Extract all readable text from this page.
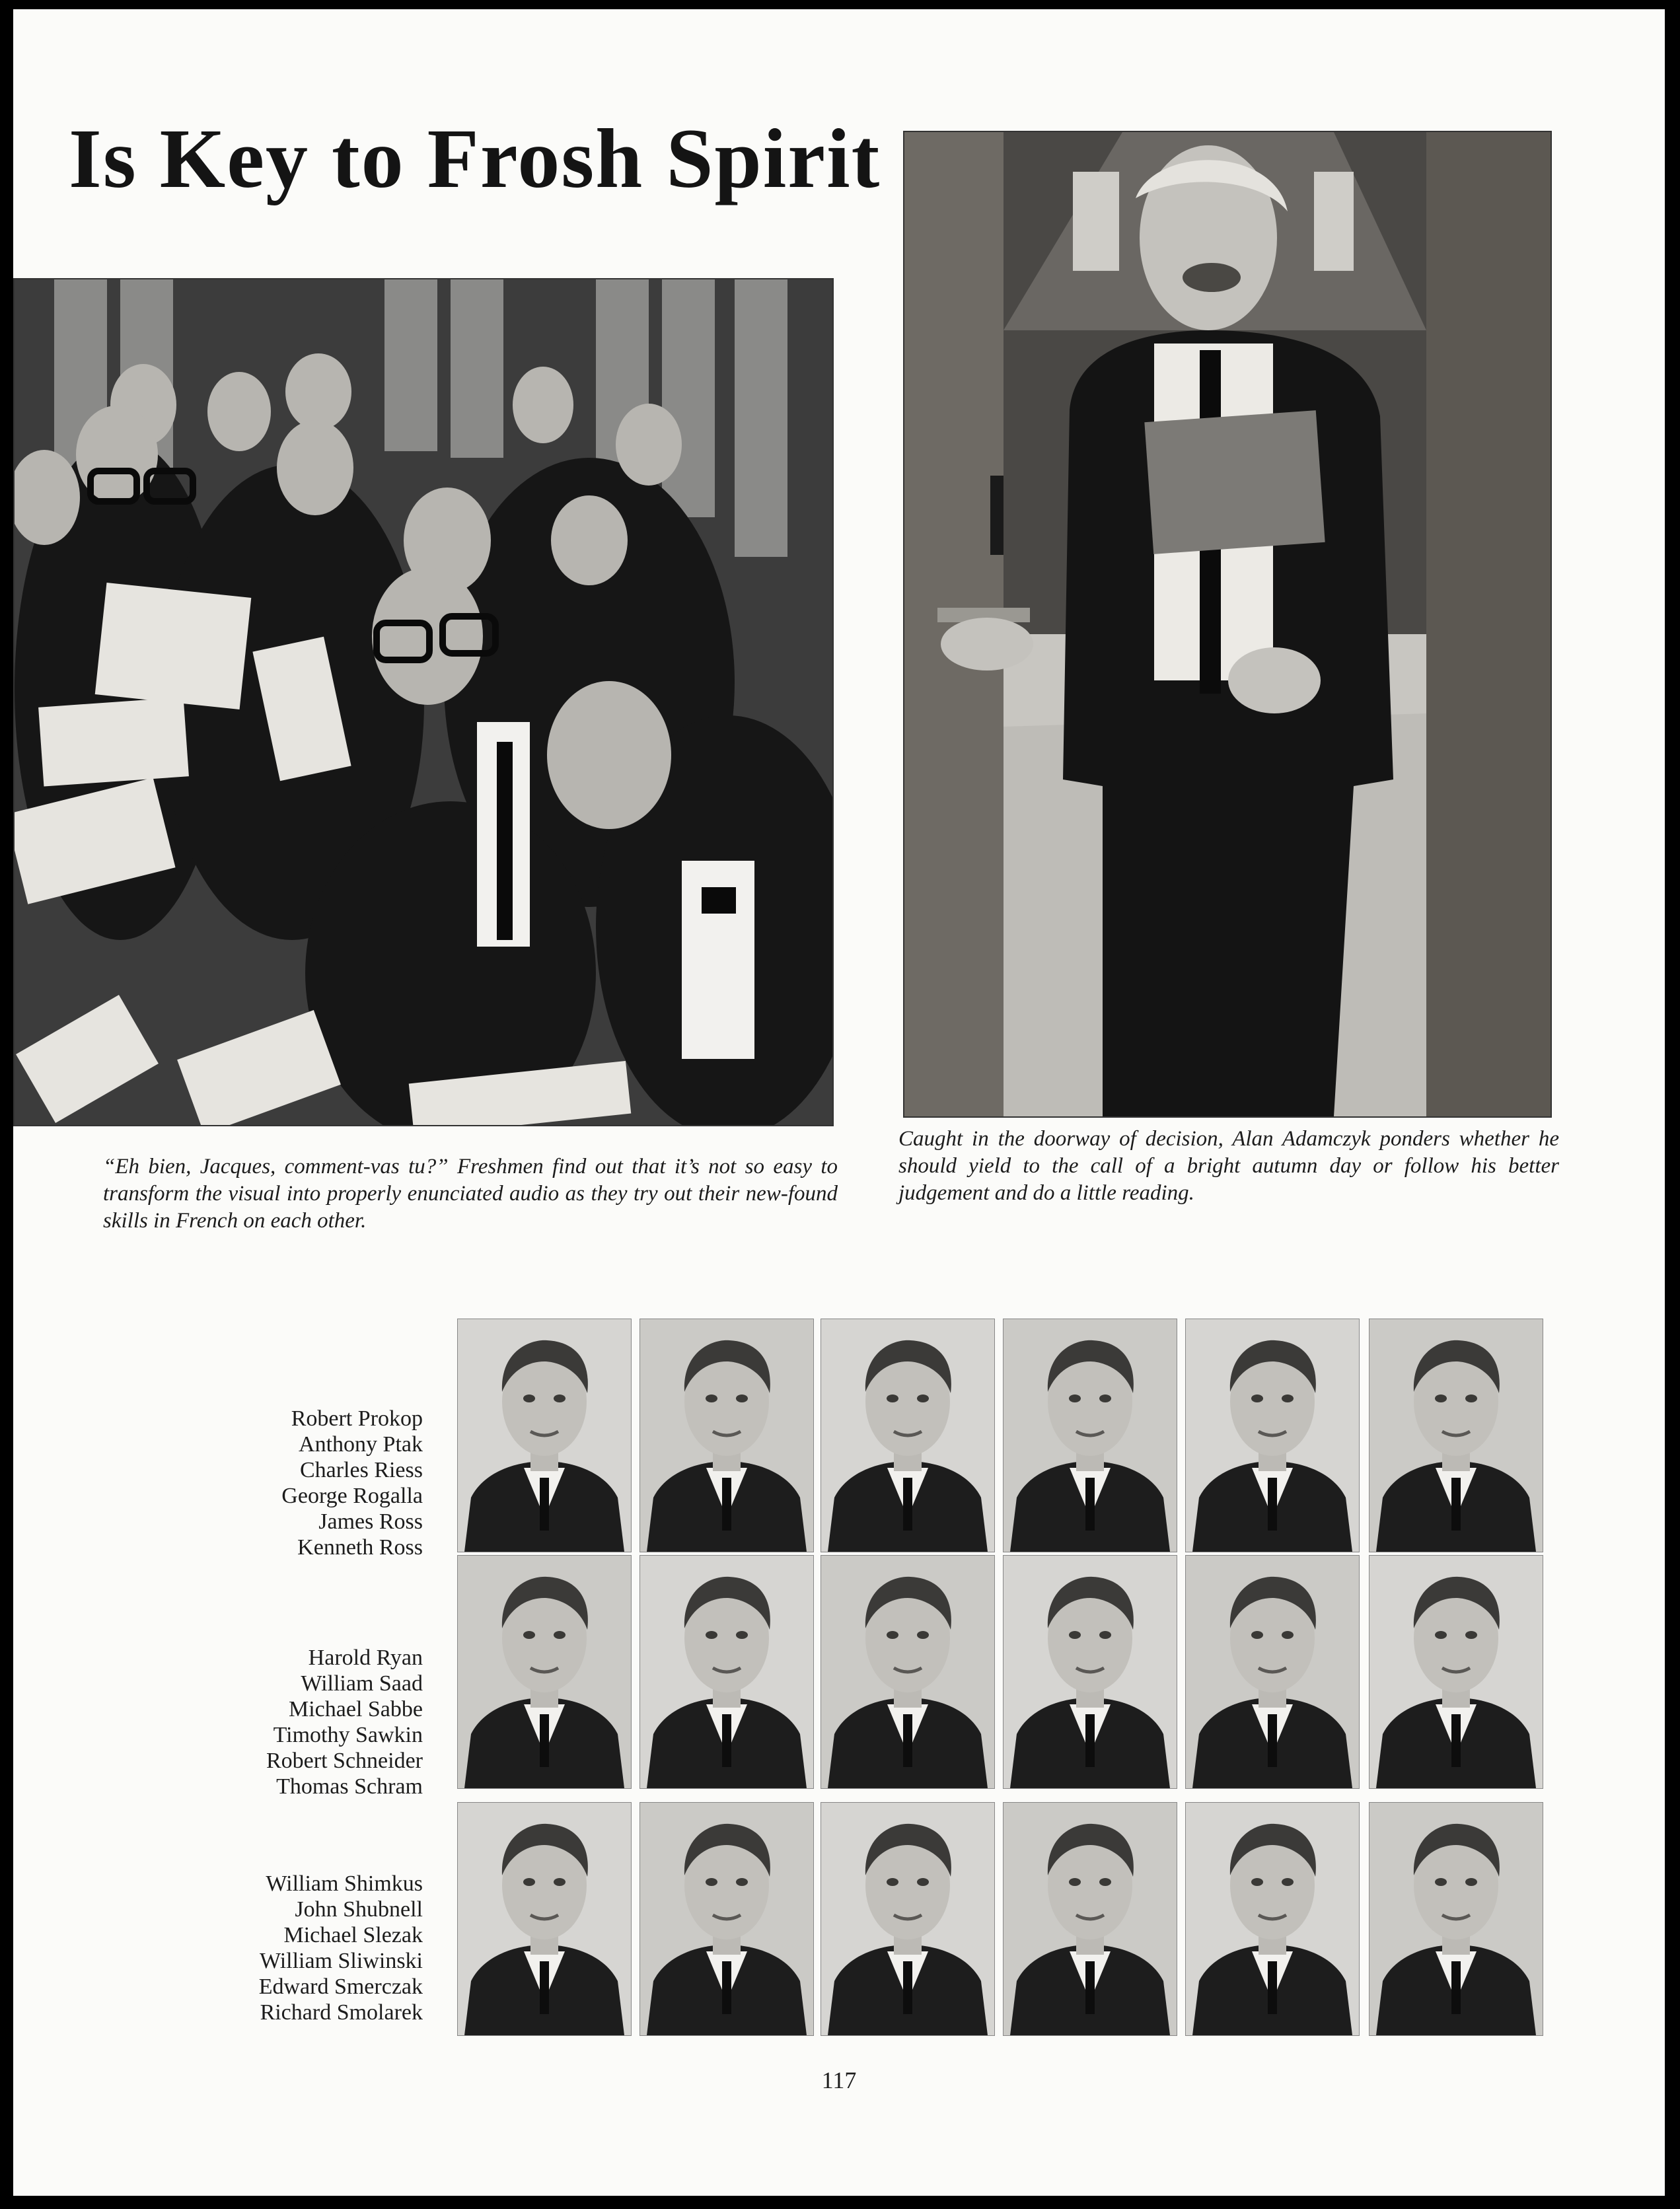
Is Key to Frosh Spirit

“Eh bien, Jacques, comment-vas tu?” Freshmen find out that it’s not so easy to transform the visual into properly enunciated audio as they try out their new-found skills in French on each other.

Caught in the doorway of decision, Alan Adamczyk ponders whether he should yield to the call of a bright autumn day or follow his better judgement and do a little reading.

Robert Prokop
Anthony Ptak
Charles Riess
George Rogalla
James Ross
Kenneth Ross
Harold Ryan
William Saad
Michael Sabbe
Timothy Sawkin
Robert Schneider
Thomas Schram
William Shimkus
John Shubnell
Michael Slezak
William Sliwinski
Edward Smerczak
Richard Smolarek
117
